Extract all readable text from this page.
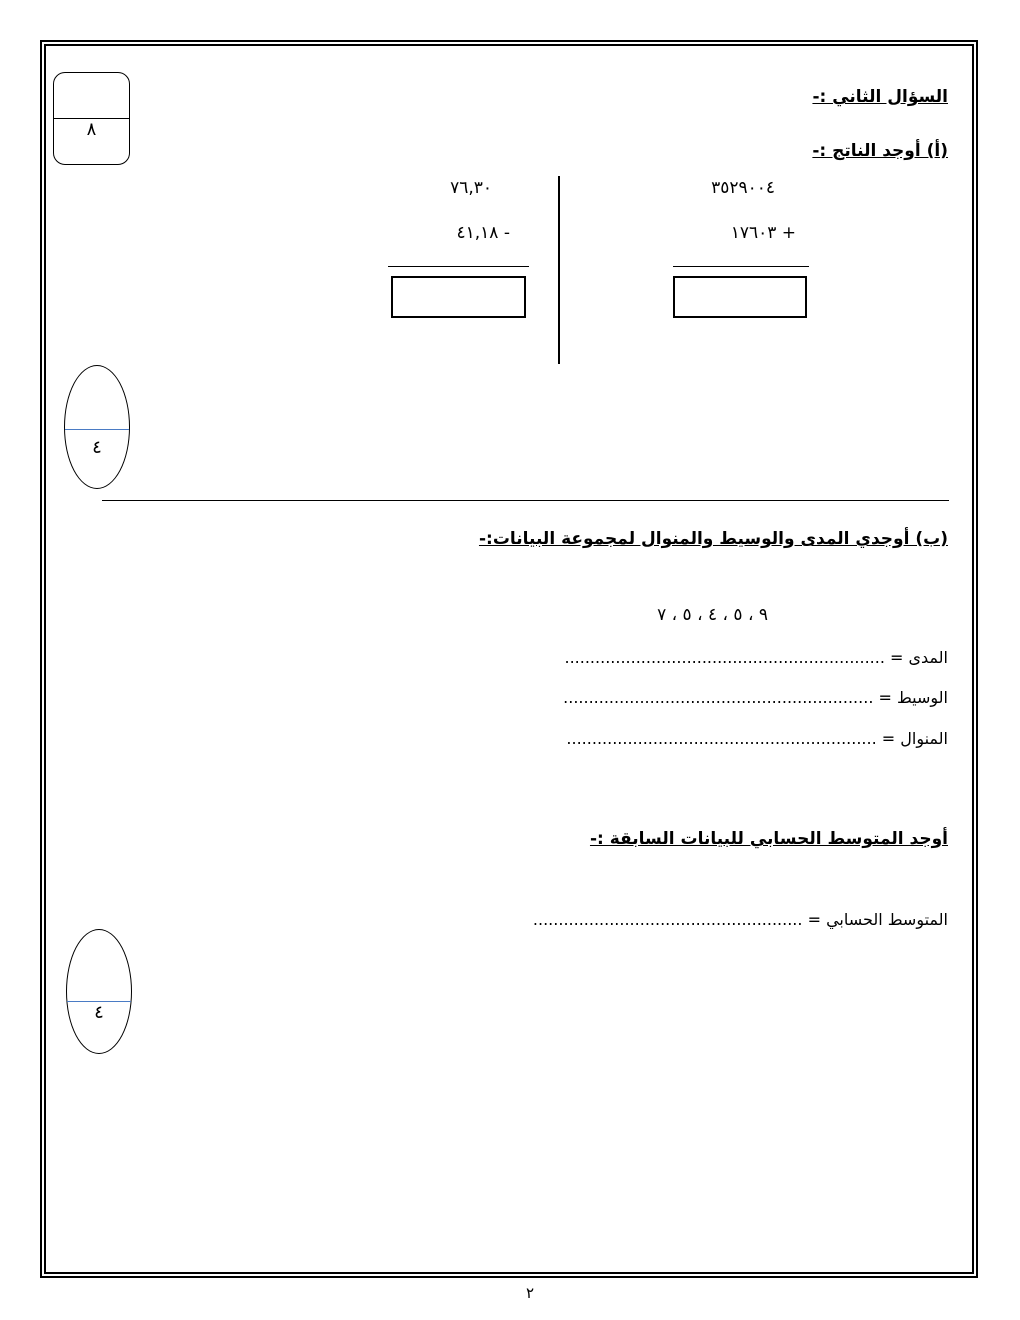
٨
السؤال الثاني :-
(أ) أوجد الناتج :-
٣٥٢٩٠٠٤
١٧٦٠٣ +
٧٦,٣٠
٤١,١٨ -
٤
(ب) أوجدي المدى والوسيط والمنوال لمجموعة البيانات:-
٩ ، ٥ ، ٤ ، ٥ ، ٧
المدى = ...............................................................
الوسيط = .............................................................
المنوال = .............................................................
أوجد المتوسط الحسابي للبيانات السابقة :-
المتوسط الحسابي = .....................................................
٤
٢
